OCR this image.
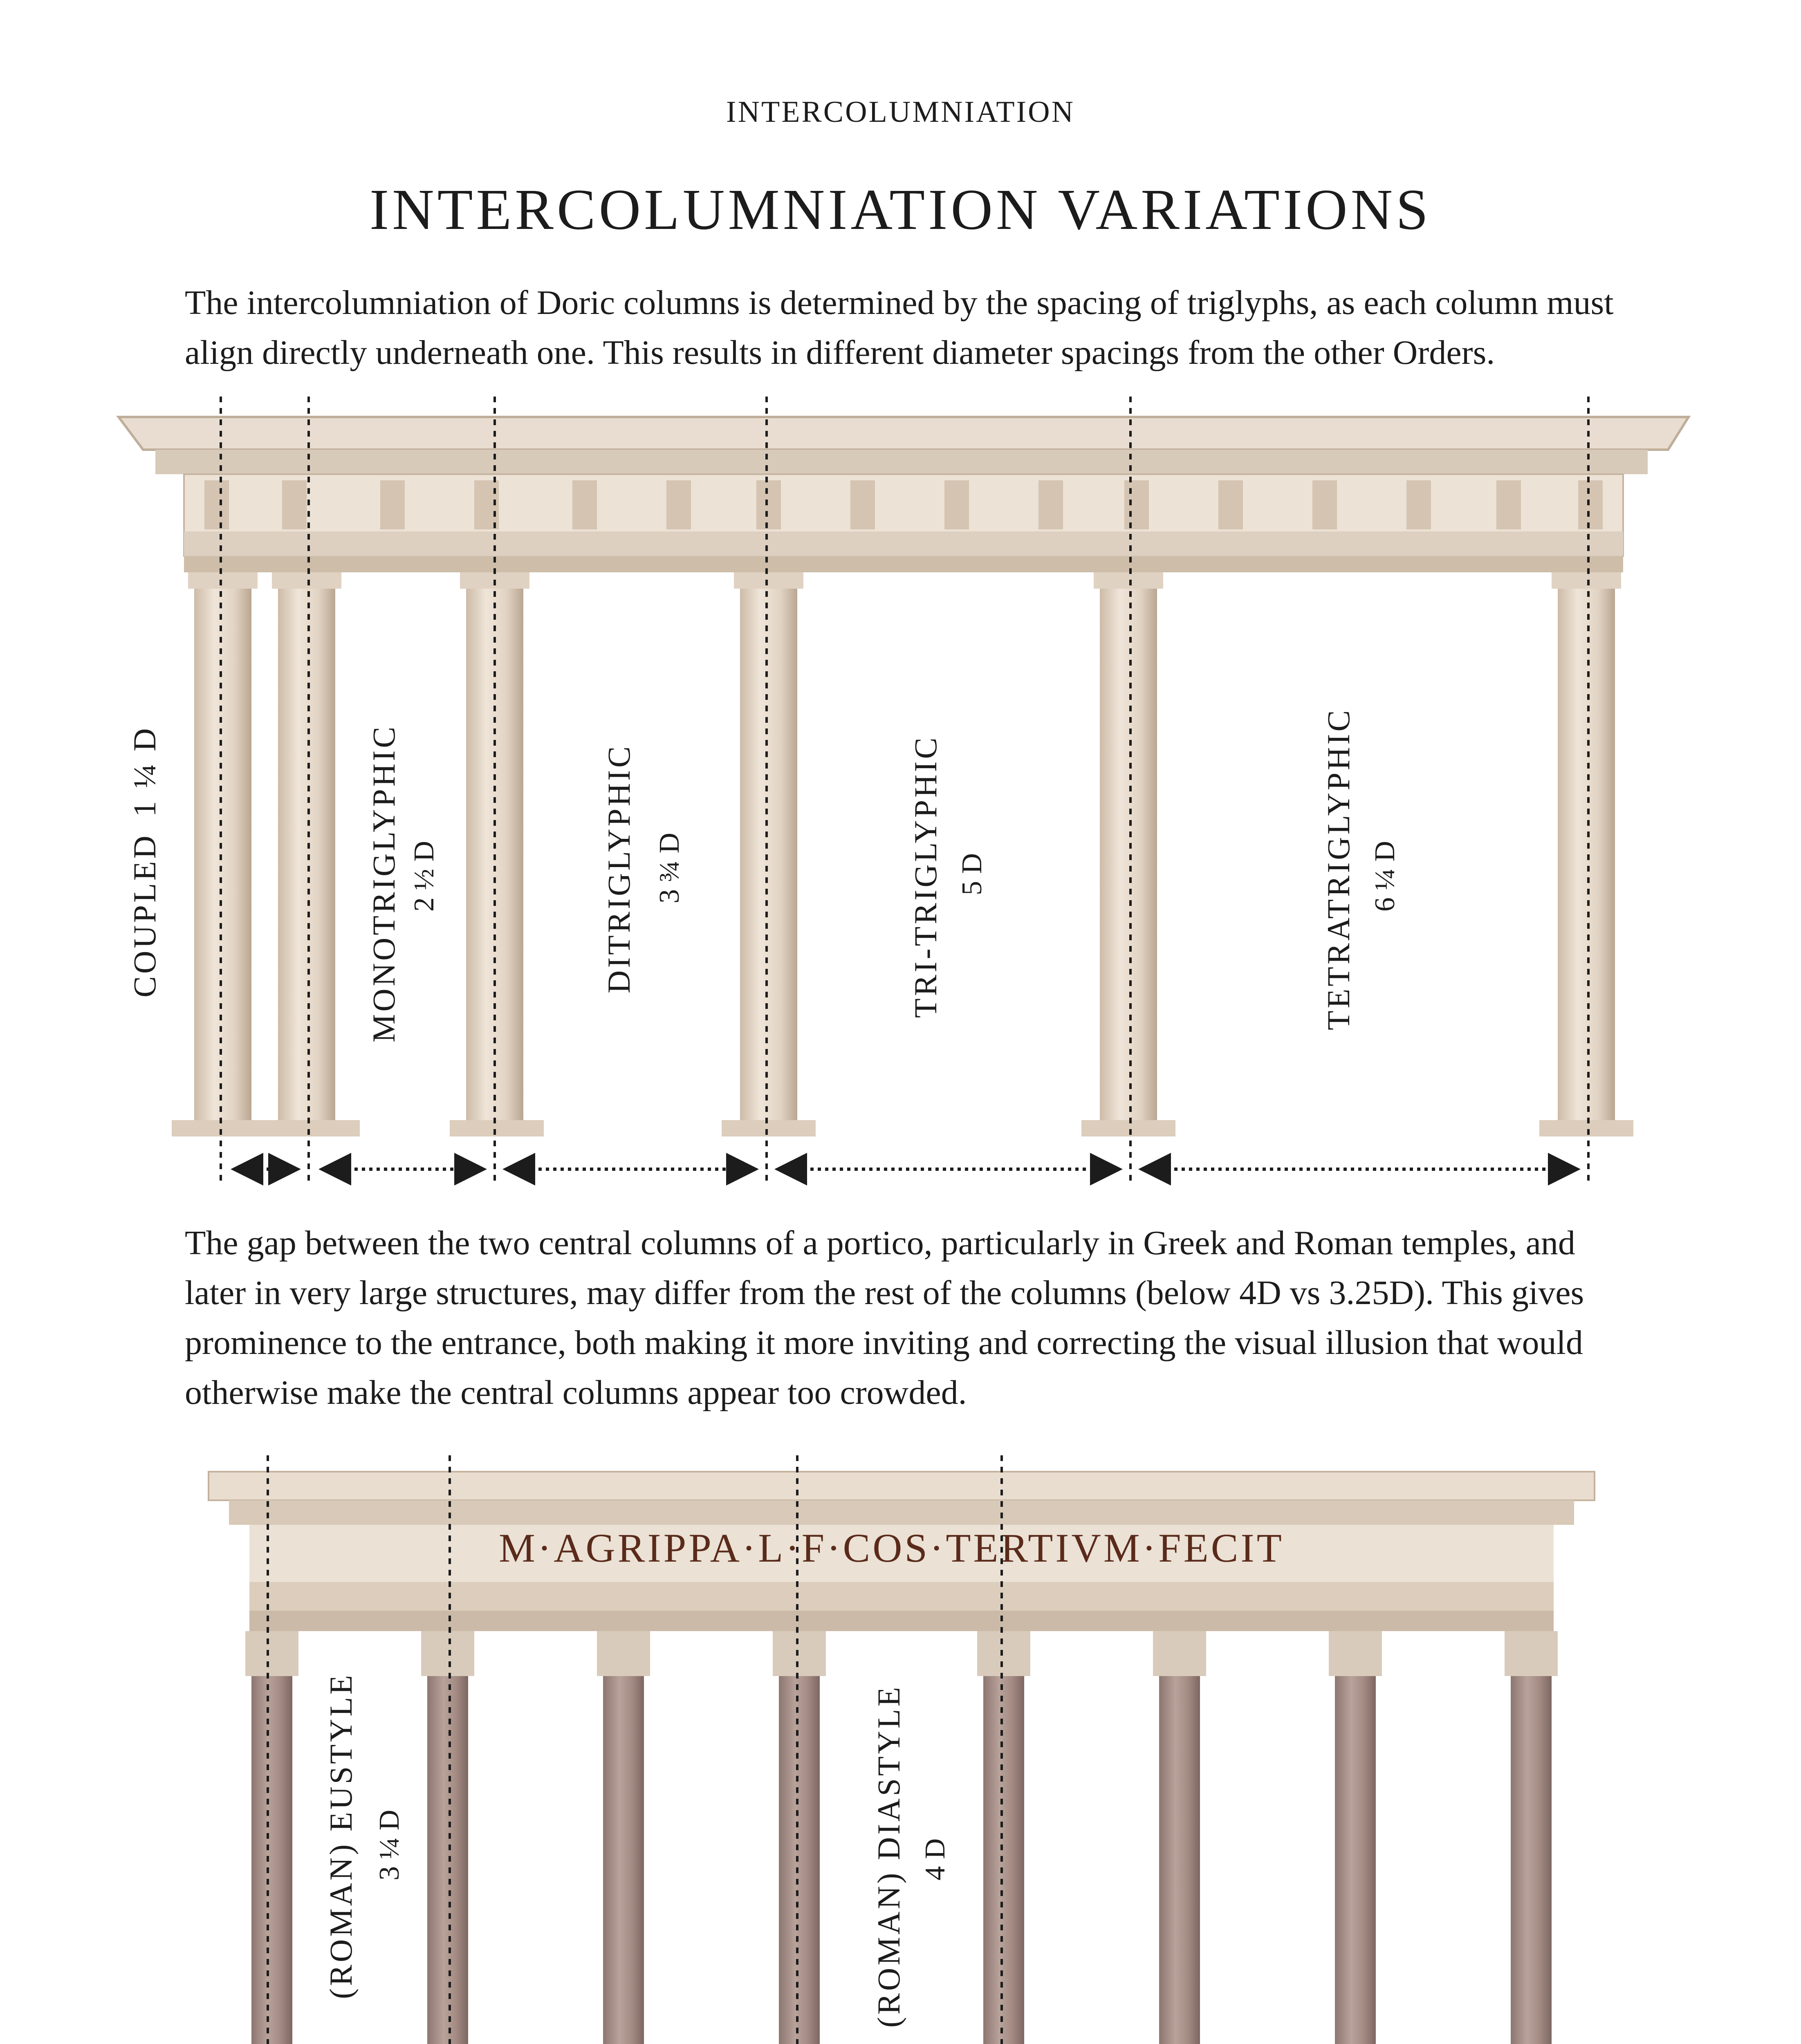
INTERCOLUMNIATION
INTERCOLUMNIATION VARIATIONS
The intercolumniation of Doric columns is determined by the spacing of triglyphs, as each column must align directly underneath one. This results in different diameter spacings from the other Orders.
COUPLED1 ¼ D	MONOTRIGLYPHIC 2 ½ D	DITRIGLYPHIC 3 ¾ D	TRI-TRIGLYPHIC 5 D	TETRATRIGLYPHIC 6 ¼ D
M·AGRIPPA·L·F·COS·TERTIVM·FECIT
(ROMAN) EUSTYLE 3 ¼ D	(ROMAN) DIASTYLE 4 D
The gap between the two central columns of a portico, particularly in Greek and Roman temples, and later in very large structures, may differ from the rest of the columns (below 4D vs 3.25D). This gives prominence to the entrance, both making it more inviting and correcting the visual illusion that would otherwise make the central columns appear too crowded.
